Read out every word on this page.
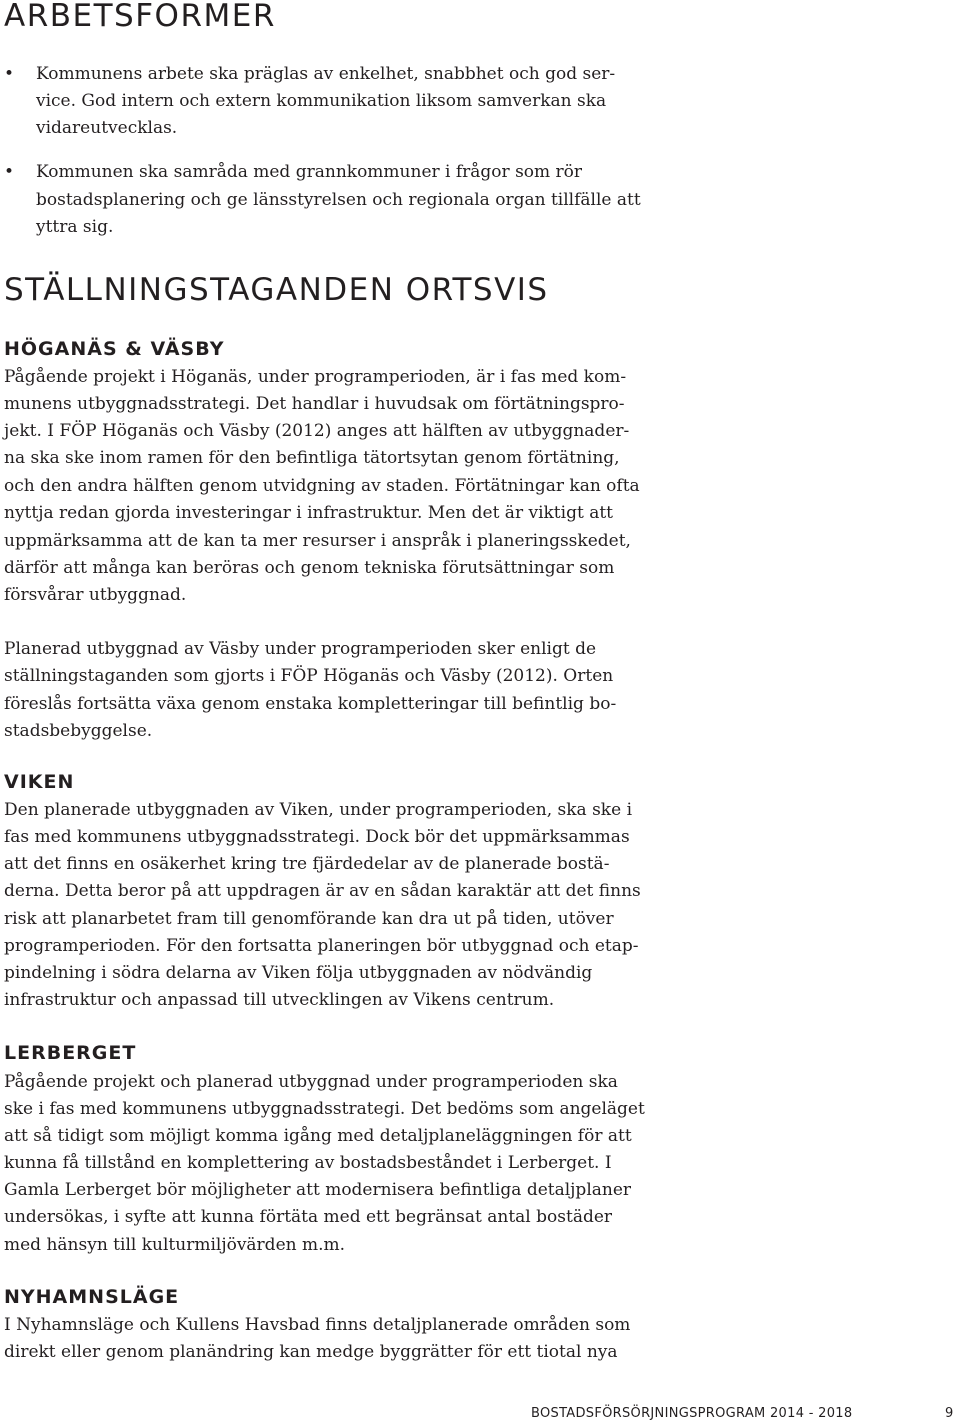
ARBETSFORMER
•	Kommunens arbete ska präglas av enkelhet, snabbhet och god ser-

vice. God intern och extern kommunikation liksom samverkan ska

vidareutvecklas.

•	Kommunen ska samråda med grannkommuner i frågor som rör

bostadsplanering och ge länsstyrelsen och regionala organ tillfälle att

yttra sig.

STÄLLNINGSTAGANDEN ORTSVIS
HÖGANÄS & VÄSBY

Pågående projekt i Höganäs, under programperioden, är i fas med kom-

munens utbyggnadsstrategi. Det handlar i huvudsak om förtätningspro-

jekt. I FÖP Höganäs och Väsby (2012) anges att hälften av utbyggnader-

na ska ske inom ramen för den befintliga tätortsytan genom förtätning,

och den andra hälften genom utvidgning av staden. Förtätningar kan ofta

nyttja redan gjorda investeringar i infrastruktur. Men det är viktigt att

uppmärksamma att de kan ta mer resurser i anspråk i planeringsskedet,

därför att många kan beröras och genom tekniska förutsättningar som

försvårar utbyggnad.

Planerad utbyggnad av Väsby under programperioden sker enligt de

ställningstaganden som gjorts i FÖP Höganäs och Väsby (2012). Orten

föreslås fortsätta växa genom enstaka kompletteringar till befintlig bo-

stadsbebyggelse.

VIKEN

Den planerade utbyggnaden av Viken, under programperioden, ska ske i

fas med kommunens utbyggnadsstrategi. Dock bör det uppmärksammas

att det finns en osäkerhet kring tre fjärdedelar av de planerade bostä-

derna. Detta beror på att uppdragen är av en sådan karaktär att det finns

risk att planarbetet fram till genomförande kan dra ut på tiden, utöver

programperioden. För den fortsatta planeringen bör utbyggnad och etap-

pindelning i södra delarna av Viken följa utbyggnaden av nödvändig

infrastruktur och anpassad till utvecklingen av Vikens centrum.

LERBERGET

Pågående projekt och planerad utbyggnad under programperioden ska

ske i fas med kommunens utbyggnadsstrategi. Det bedöms som angeläget

att så tidigt som möjligt komma igång med detaljplaneläggningen för att

kunna få tillstånd en komplettering av bostadsbeståndet i Lerberget. I

Gamla Lerberget bör möjligheter att modernisera befintliga detaljplaner

undersökas, i syfte att kunna förtäta med ett begränsat antal bostäder

med hänsyn till kulturmiljövärden m.m.

NYHAMNSLÄGE

I Nyhamnsläge och Kullens Havsbad finns detaljplanerade områden som

direkt eller genom planändring kan medge byggrätter för ett tiotal nya

BOSTADSFÖRSÖRJNINGSPROGRAM 2014 - 2018	9
